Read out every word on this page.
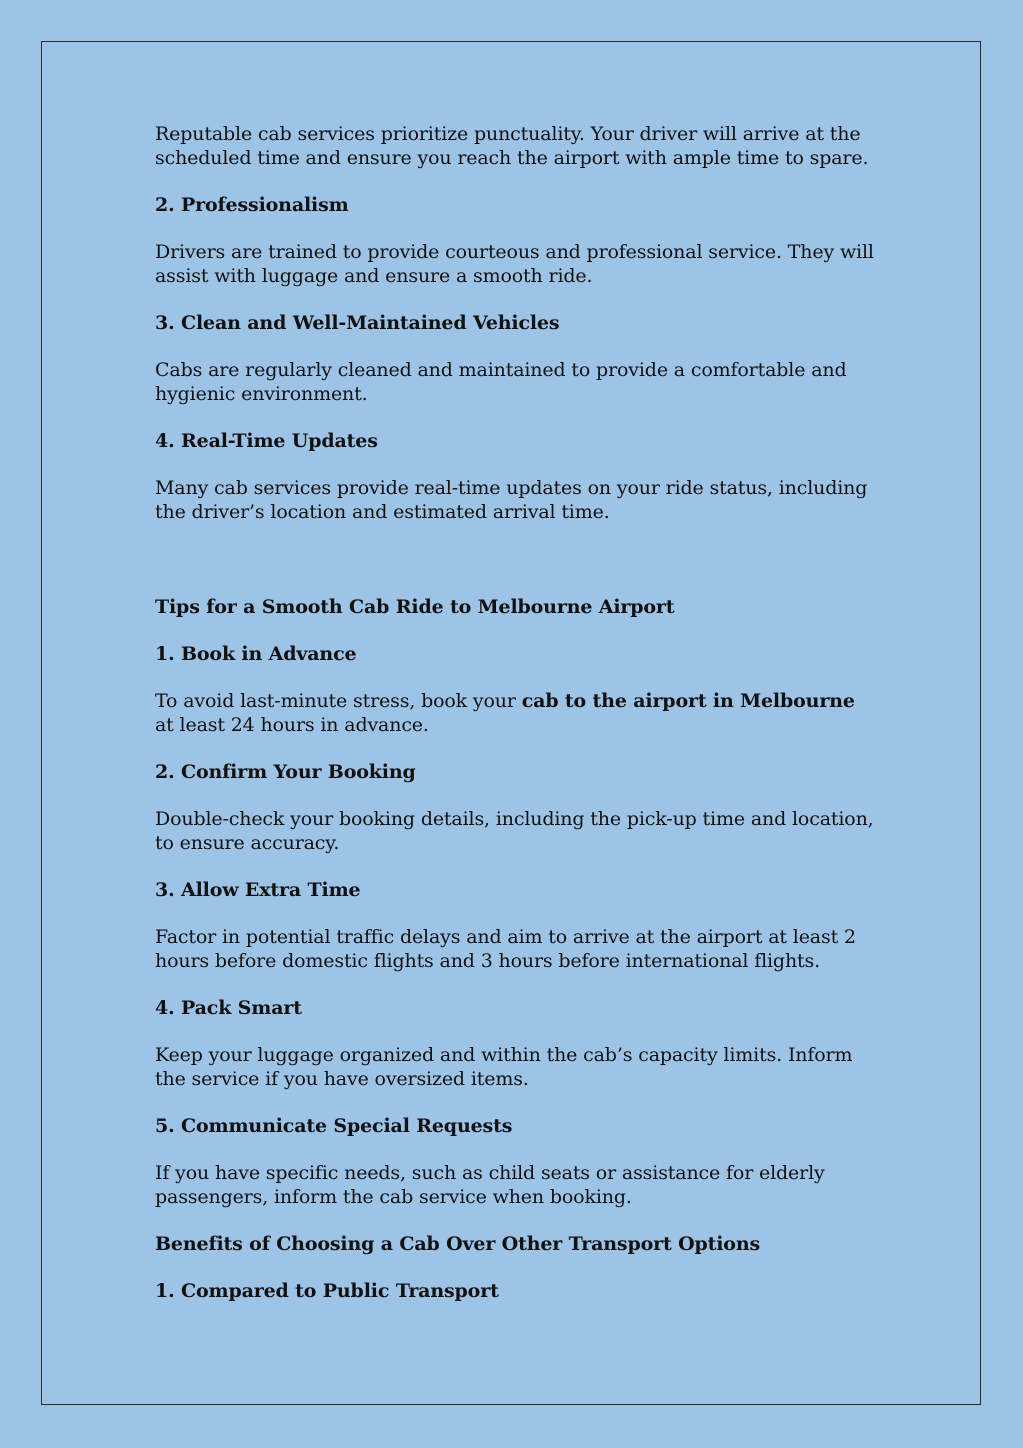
Reputable cab services prioritize punctuality. Your driver will arrive at the scheduled time and ensure you reach the airport with ample time to spare.

2. Professionalism

Drivers are trained to provide courteous and professional service. They will assist with luggage and ensure a smooth ride.

3. Clean and Well-Maintained Vehicles

Cabs are regularly cleaned and maintained to provide a comfortable and hygienic environment.

4. Real-Time Updates

Many cab services provide real-time updates on your ride status, including the driver’s location and estimated arrival time.

Tips for a Smooth Cab Ride to Melbourne Airport
1. Book in Advance

To avoid last-minute stress, book your cab to the airport in Melbourne at least 24 hours in advance.

2. Confirm Your Booking

Double-check your booking details, including the pick-up time and location, to ensure accuracy.

3. Allow Extra Time

Factor in potential traffic delays and aim to arrive at the airport at least 2 hours before domestic flights and 3 hours before international flights.

4. Pack Smart

Keep your luggage organized and within the cab’s capacity limits. Inform the service if you have oversized items.

5. Communicate Special Requests

If you have specific needs, such as child seats or assistance for elderly passengers, inform the cab service when booking.

Benefits of Choosing a Cab Over Other Transport Options
1. Compared to Public Transport
